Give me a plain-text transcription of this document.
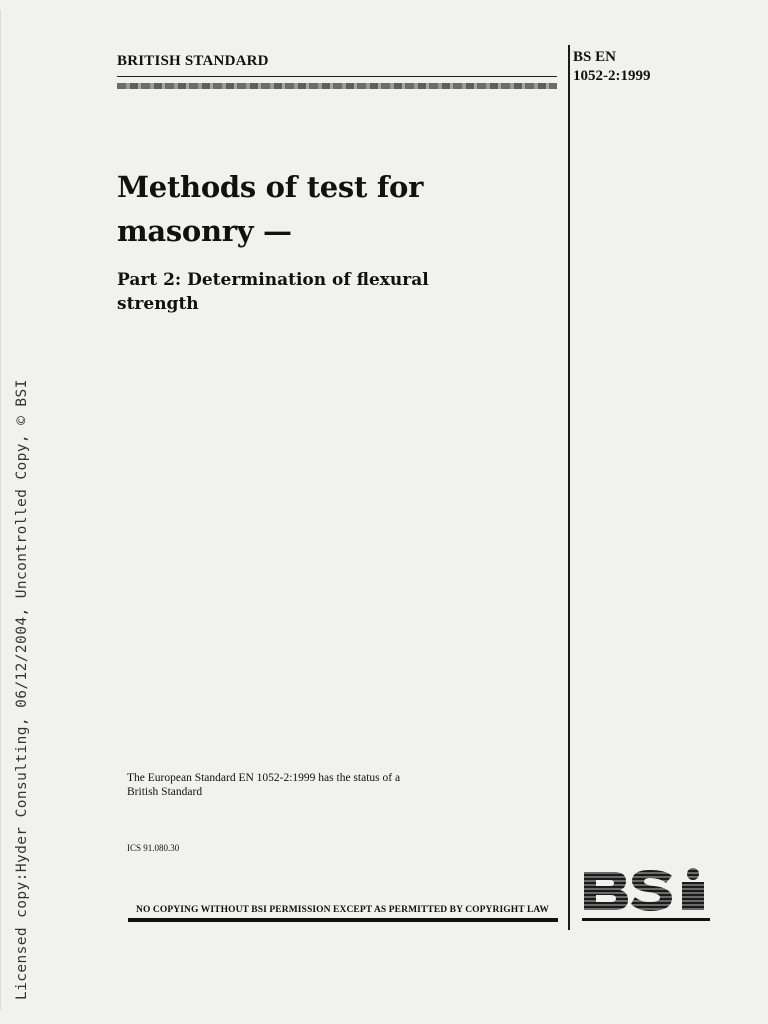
BRITISH STANDARD	BS EN
1052-2:1999
Methods of test for
masonry —
Part 2: Determination of flexural
strength
The European Standard EN 1052-2:1999 has the status of a
British Standard
ICS 91.080.30
NO COPYING WITHOUT BSI PERMISSION EXCEPT AS PERMITTED BY COPYRIGHT LAW
Licensed copy:Hyder Consulting, 06/12/2004, Uncontrolled Copy, © BSI
